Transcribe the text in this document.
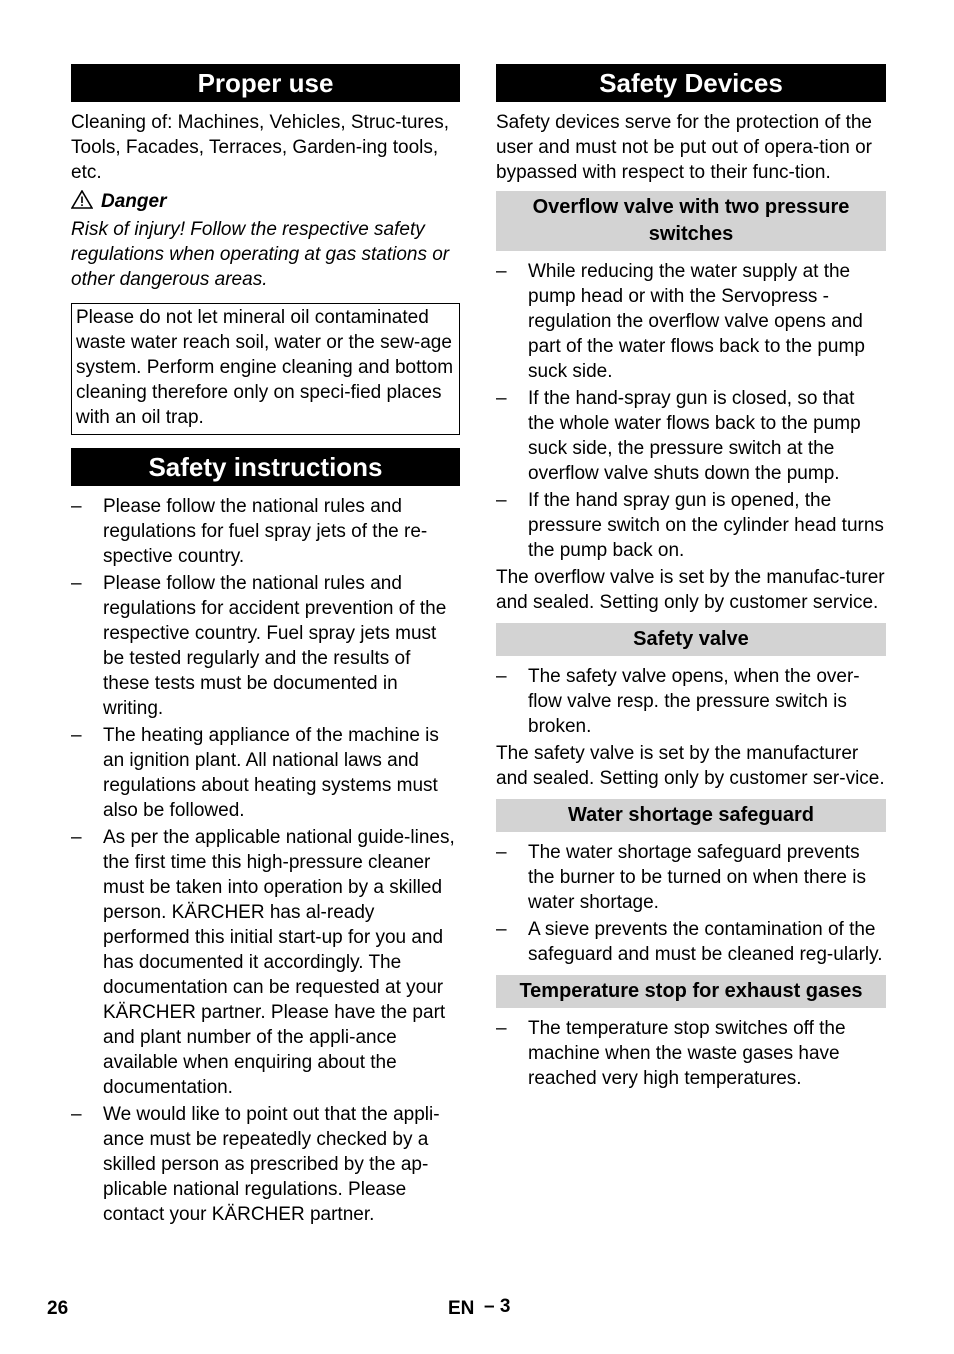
Proper use

Cleaning of: Machines, Vehicles, Struc-tures, Tools, Facades, Terraces, Garden-ing tools, etc.

Danger

Risk of injury! Follow the respective safety regulations when operating at gas stations or other dangerous areas.

Please do not let mineral oil contaminated waste water reach soil, water or the sew-age system. Perform engine cleaning and bottom cleaning therefore only on speci-fied places with an oil trap.

Safety instructions
– Please follow the national rules and regulations for fuel spray jets of the re-spective country.
– Please follow the national rules and regulations for accident prevention of the respective country. Fuel spray jets must be tested regularly and the results of these tests must be documented in writing.
– The heating appliance of the machine is an ignition plant. All national laws and regulations about heating systems must also be followed.
– As per the applicable national guide-lines, the first time this high-pressure cleaner must be taken into operation by a skilled person. KÄRCHER has al-ready performed this initial start-up for you and has documented it accordingly. The documentation can be requested at your KÄRCHER partner. Please have the part and plant number of the appli-ance available when enquiring about the documentation.
– We would like to point out that the appli-ance must be repeatedly checked by a skilled person as prescribed by the ap-plicable national regulations. Please contact your KÄRCHER partner.
Safety Devices

Safety devices serve for the protection of the user and must not be put out of opera-tion or bypassed with respect to their func-tion.

Overflow valve with two pressure switches
– While reducing the water supply at the pump head or with the Servopress -regulation the overflow valve opens and part of the water flows back to the pump suck side.
– If the hand-spray gun is closed, so that the whole water flows back to the pump suck side, the pressure switch at the overflow valve shuts down the pump.
– If the hand spray gun is opened, the pressure switch on the cylinder head turns the pump back on.

The overflow valve is set by the manufac-turer and sealed. Setting only by customer service.

Safety valve
– The safety valve opens, when the over-flow valve resp. the pressure switch is broken.

The safety valve is set by the manufacturer and sealed. Setting only by customer ser-vice.

Water shortage safeguard
– The water shortage safeguard prevents the burner to be turned on when there is water shortage.
– A sieve prevents the contamination of the safeguard and must be cleaned reg-ularly.
Temperature stop for exhaust gases
– The temperature stop switches off the machine when the waste gases have reached very high temperatures.
26	EN – 3
